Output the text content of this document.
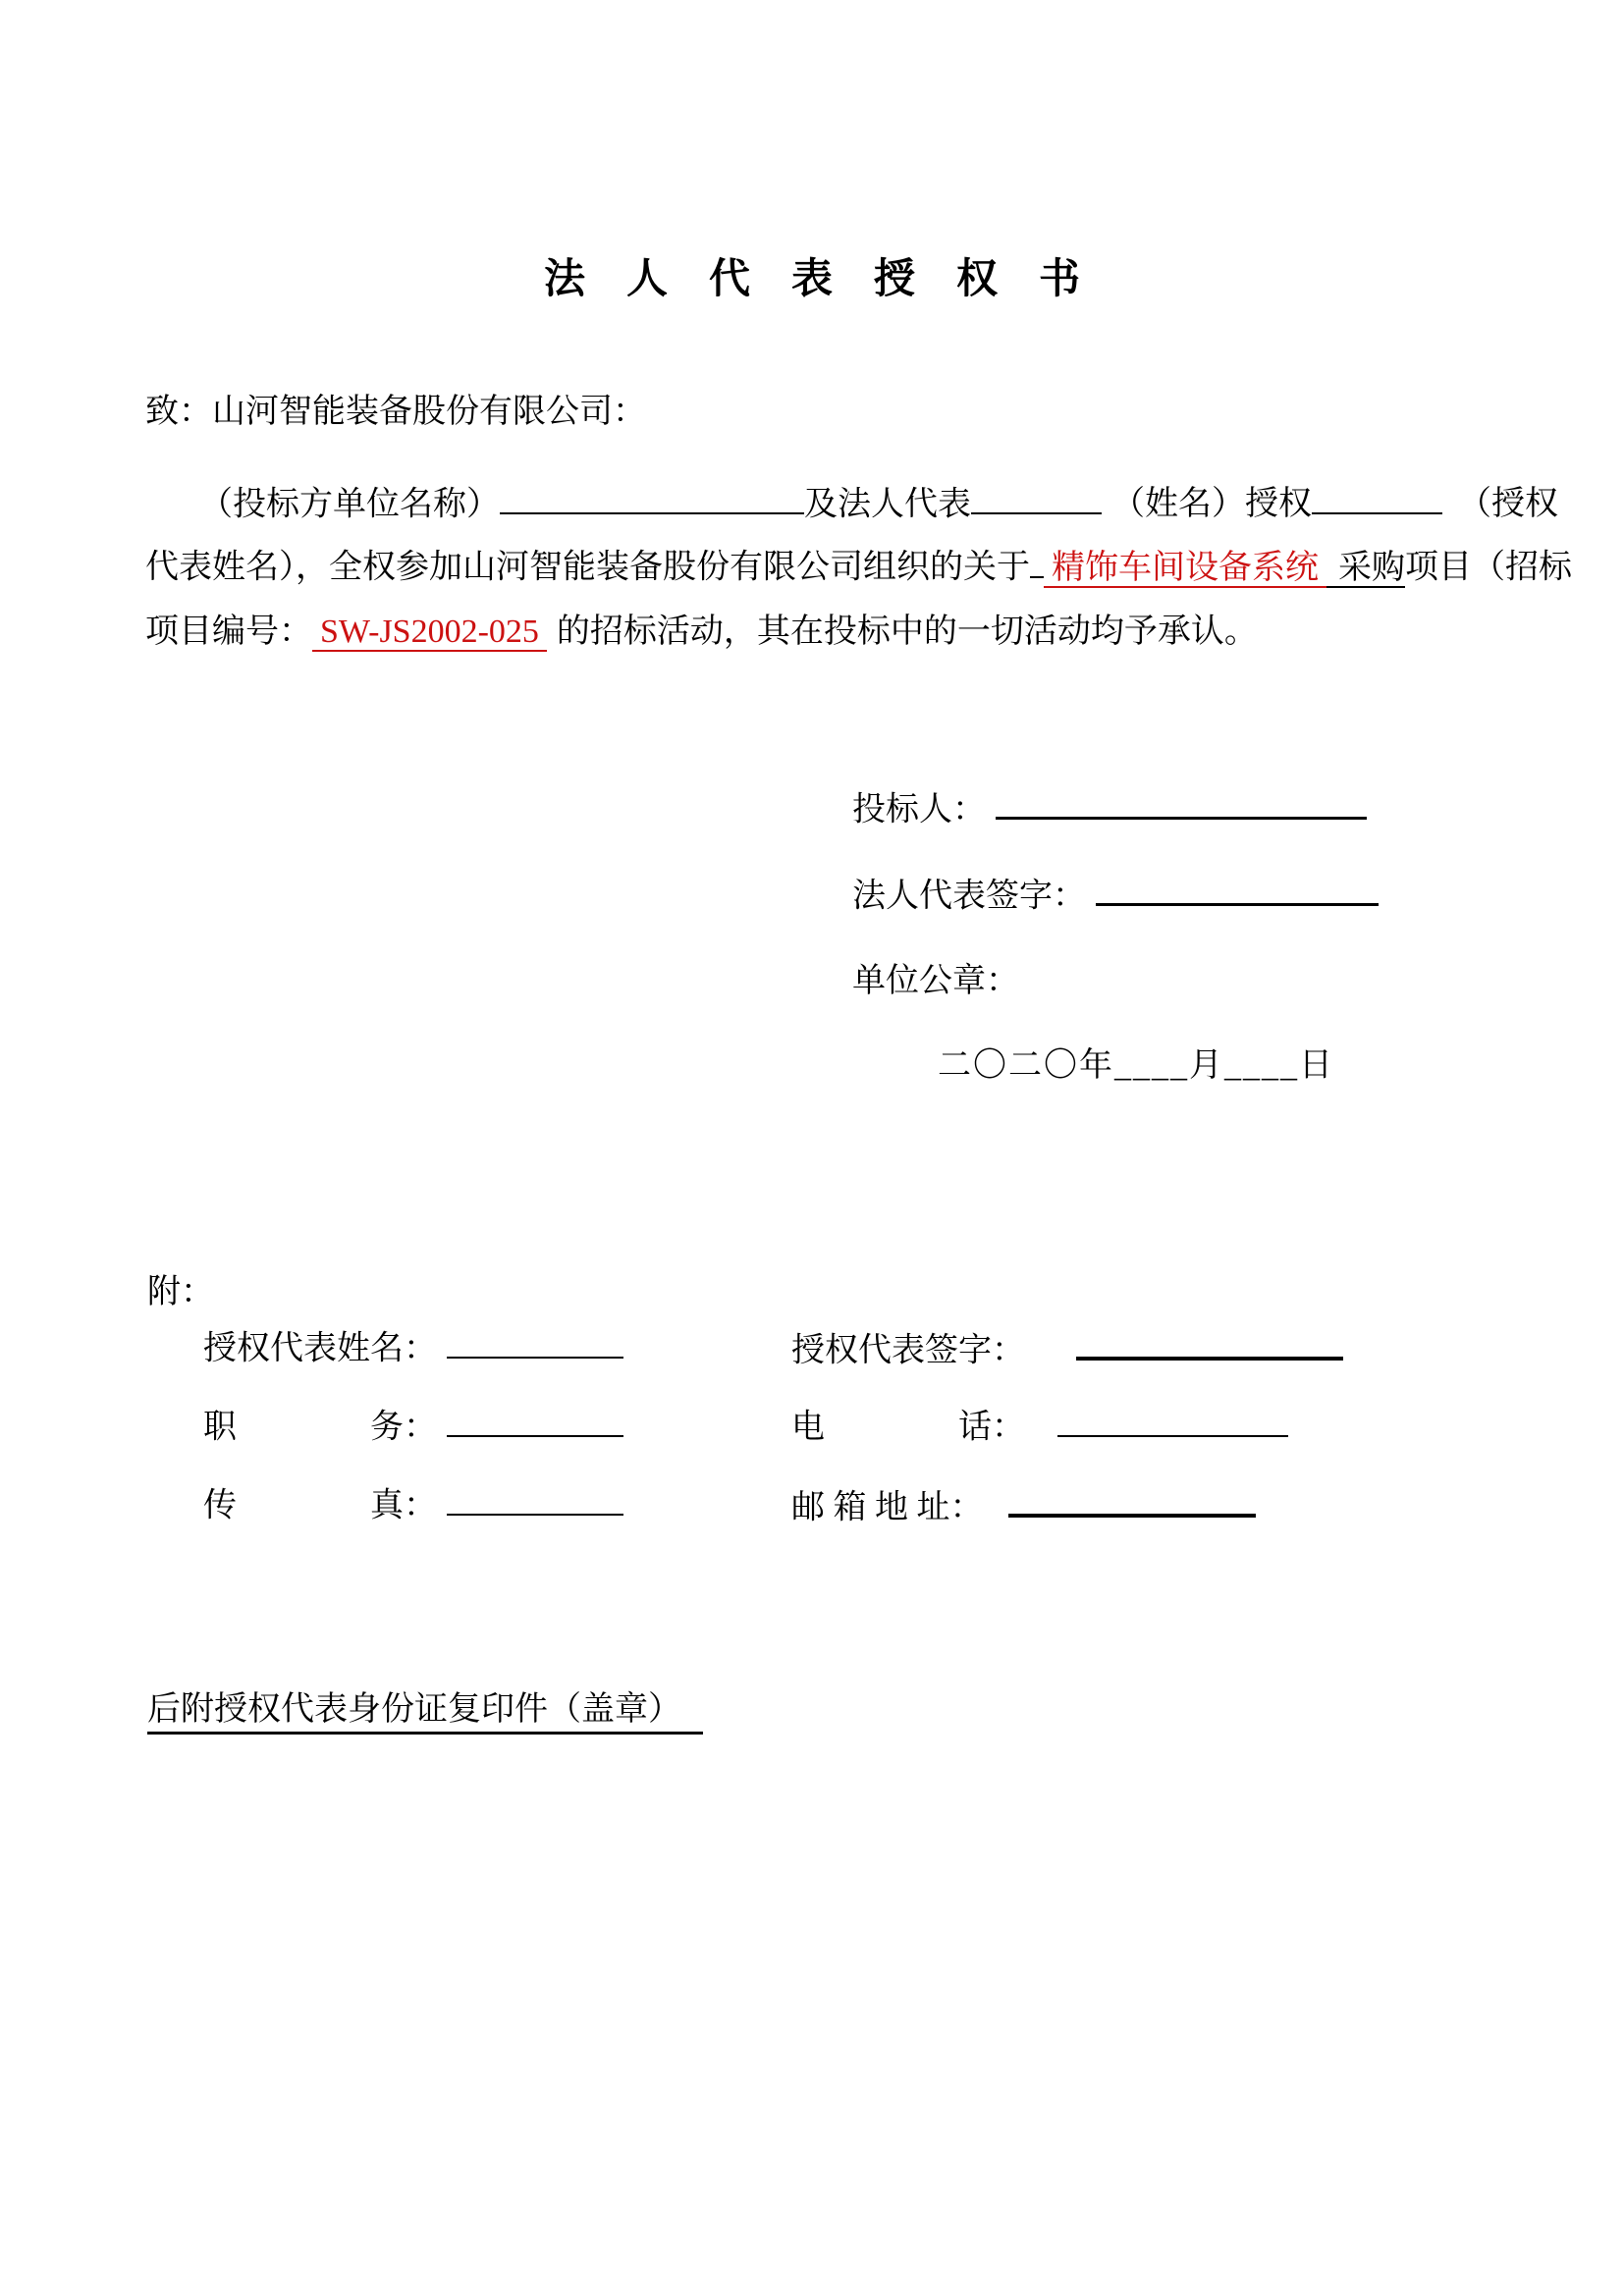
法人代表授权书
致：山河智能装备股份有限公司：
（投标方单位名称）	及法人代表	（姓名）授权	（授权
代表姓名），全权参加山河智能装备股份有限公司组织的关于 精饰车间设备系统 采购项目（招标
项目编号： SW-JS2002-025 的招标活动，其在投标中的一切活动均予承认。
投标人：
法人代表签字：
单位公章：
二〇二〇年____月____日
附：
授权代表姓名：	授权代表签字：
职　　　　务：	电　　　　话：
传　　　　真：	邮 箱 地 址：
后附授权代表身份证复印件（盖章）
